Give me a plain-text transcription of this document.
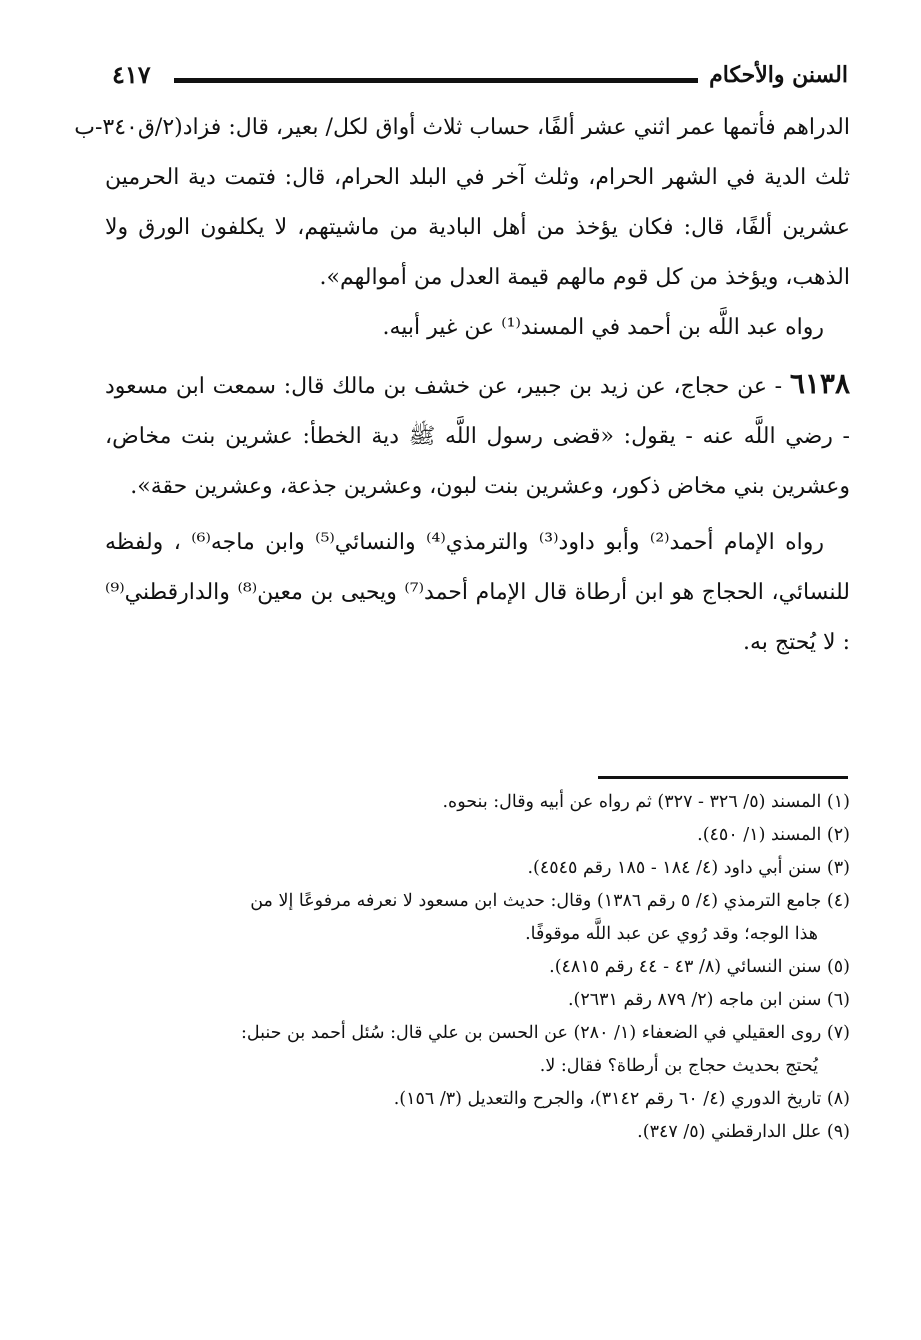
السنن والأحكام
٤١٧

الدراهم فأتمها عمر اثني عشر ألفًا، حساب ثلاث أواق لكل/ بعير، قال: فزاد(٢/ق٣٤٠-ب

ثلث الدية في الشهر الحرام، وثلث آخر في البلد الحرام، قال: فتمت دية الحرمين عشرين ألفًا، قال: فكان يؤخذ من أهل البادية من ماشيتهم، لا يكلفون الورق ولا الذهب، ويؤخذ من كل قوم مالهم قيمة العدل من أموالهم».

رواه عبد اللَّه بن أحمد في المسند⁽¹⁾ عن غير أبيه.

٦١٣٨ - عن حجاج، عن زيد بن جبير، عن خشف بن مالك قال: سمعت ابن مسعود - رضي اللَّه عنه - يقول: «قضى رسول اللَّه ﷺ دية الخطأ: عشرين بنت مخاض، وعشرين بني مخاض ذكور، وعشرين بنت لبون، وعشرين جذعة، وعشرين حقة».

رواه الإمام أحمد⁽²⁾ وأبو داود⁽³⁾ والترمذي⁽⁴⁾ والنسائي⁽⁵⁾ وابن ماجه⁽⁶⁾ ، ولفظه للنسائي، الحجاج هو ابن أرطاة قال الإمام أحمد⁽⁷⁾ ويحيى بن معين⁽⁸⁾ والدارقطني⁽⁹⁾ : لا يُحتج به.

(١) المسند (٥/ ٣٢٦ - ٣٢٧) ثم رواه عن أبيه وقال: بنحوه.

(٢) المسند (١/ ٤٥٠).

(٣) سنن أبي داود (٤/ ١٨٤ - ١٨٥ رقم ٤٥٤٥).

(٤) جامع الترمذي (٤/ ٥ رقم ١٣٨٦) وقال: حديث ابن مسعود لا نعرفه مرفوعًا إلا من

هذا الوجه؛ وقد رُوي عن عبد اللَّه موقوفًا.

(٥) سنن النسائي (٨/ ٤٣ - ٤٤ رقم ٤٨١٥).

(٦) سنن ابن ماجه (٢/ ٨٧٩ رقم ٢٦٣١).

(٧) روى العقيلي في الضعفاء (١/ ٢٨٠) عن الحسن بن علي قال: سُئل أحمد بن حنبل:

يُحتج بحديث حجاج بن أرطاة؟ فقال: لا.

(٨) تاريخ الدوري (٤/ ٦٠ رقم ٣١٤٢)، والجرح والتعديل (٣/ ١٥٦).

(٩) علل الدارقطني (٥/ ٣٤٧).
